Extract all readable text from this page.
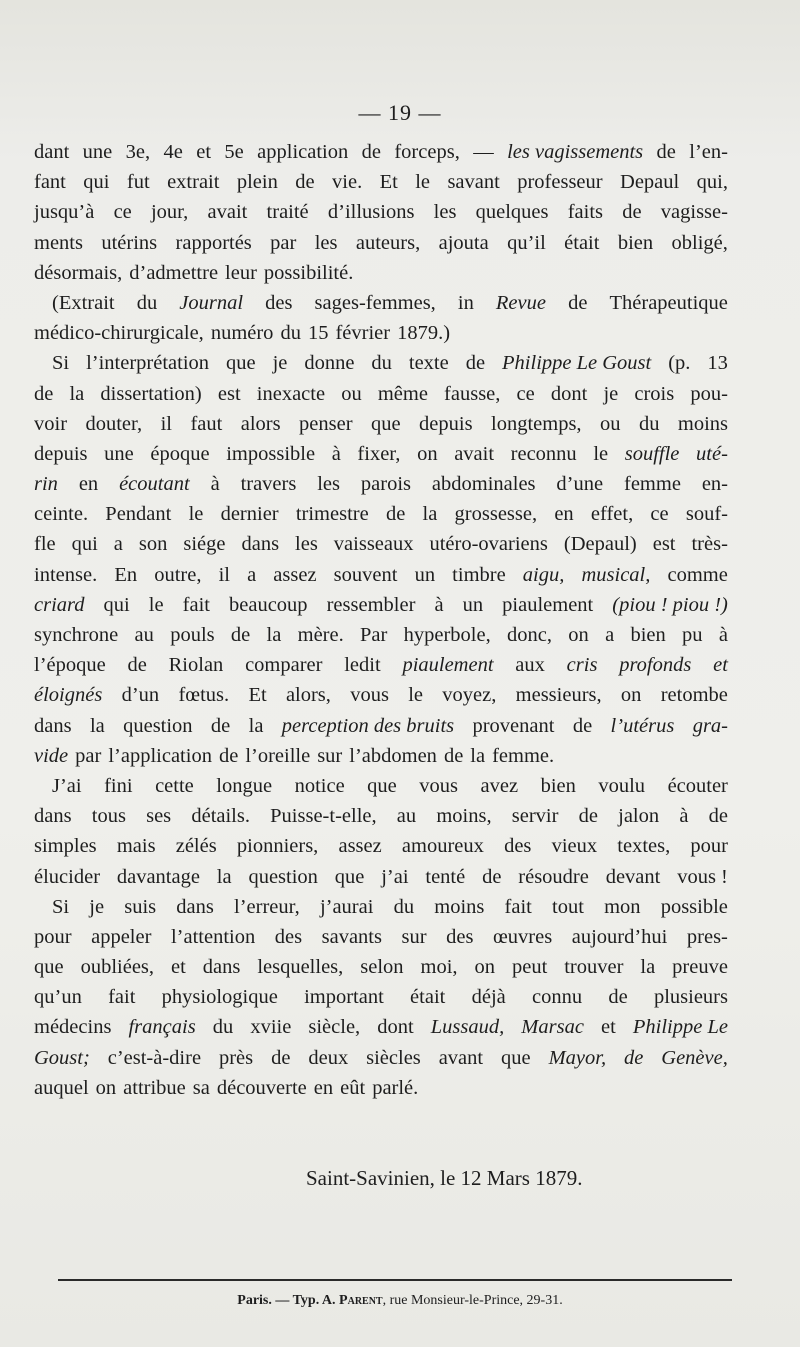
— 19 —
dant une 3e, 4e et 5e application de forceps, — les vagissements de l’en-
fant qui fut extrait plein de vie. Et le savant professeur Depaul qui,
jusqu’à ce jour, avait traité d’illusions les quelques faits de vagisse-
ments utérins rapportés par les auteurs, ajouta qu’il était bien obligé,
désormais, d’admettre leur possibilité.
(Extrait du Journal des sages-femmes, in Revue de Thérapeutique
médico-chirurgicale, numéro du 15 février 1879.)
Si l’interprétation que je donne du texte de Philippe Le Goust (p. 13
de la dissertation) est inexacte ou même fausse, ce dont je crois pou-
voir douter, il faut alors penser que depuis longtemps, ou du moins
depuis une époque impossible à fixer, on avait reconnu le souffle uté-
rin en écoutant à travers les parois abdominales d’une femme en-
ceinte. Pendant le dernier trimestre de la grossesse, en effet, ce souf-
fle qui a son siége dans les vaisseaux utéro-ovariens (Depaul) est très-
intense. En outre, il a assez souvent un timbre aigu, musical, comme
criard qui le fait beaucoup ressembler à un piaulement (piou ! piou !)
synchrone au pouls de la mère. Par hyperbole, donc, on a bien pu à
l’époque de Riolan comparer ledit piaulement aux cris profonds et
éloignés d’un fœtus. Et alors, vous le voyez, messieurs, on retombe
dans la question de la perception des bruits provenant de l’utérus gra-
vide par l’application de l’oreille sur l’abdomen de la femme.
J’ai fini cette longue notice que vous avez bien voulu écouter
dans tous ses détails. Puisse-t-elle, au moins, servir de jalon à de
simples mais zélés pionniers, assez amoureux des vieux textes, pour
élucider davantage la question que j’ai tenté de résoudre devant vous !
Si je suis dans l’erreur, j’aurai du moins fait tout mon possible
pour appeler l’attention des savants sur des œuvres aujourd’hui pres-
que oubliées, et dans lesquelles, selon moi, on peut trouver la preuve
qu’un fait physiologique important était déjà connu de plusieurs
médecins français du xviie siècle, dont Lussaud, Marsac et Philippe Le
Goust; c’est-à-dire près de deux siècles avant que Mayor, de Genève,
auquel on attribue sa découverte en eût parlé.
Saint-Savinien, le 12 Mars 1879.
Paris. — Typ. A. Parent, rue Monsieur-le-Prince, 29-31.
